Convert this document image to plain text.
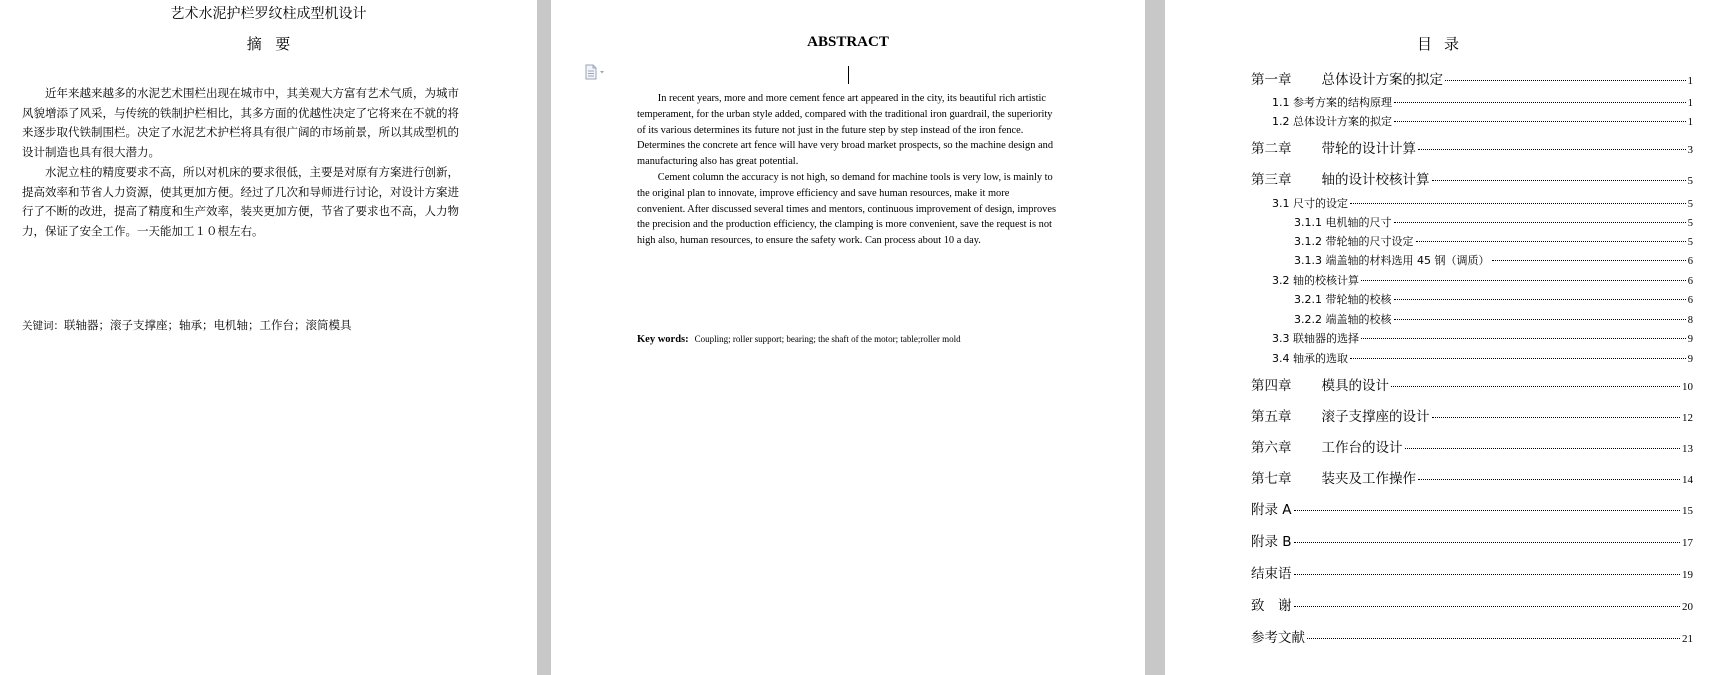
艺术水泥护栏罗纹柱成型机设计
摘要

近年来越来越多的水泥艺术围栏出现在城市中，其美观大方富有艺术气质，为城市风貌增添了风采，与传统的铁制护栏相比，其多方面的优越性决定了它将来在不就的将来逐步取代铁制围栏。决定了水泥艺术护栏将具有很广阔的市场前景，所以其成型机的设计制造也具有很大潜力。

水泥立柱的精度要求不高，所以对机床的要求很低，主要是对原有方案进行创新，提高效率和节省人力资源，使其更加方便。经过了几次和导师进行讨论，对设计方案进行了不断的改进，提高了精度和生产效率，装夹更加方便，节省了要求也不高，人力物力，保证了安全工作。一天能加工１０根左右。

关键词：联轴器；滚子支撑座；轴承；电机轴；工作台；滚筒模具
ABSTRACT

In recent years, more and more cement fence art appeared in the city, its beautiful rich artistic temperament, for the urban style added, compared with the traditional iron guardrail, the superiority of its various determines its future not just in the future step by step instead of the iron fence. Determines the concrete art fence will have very broad market prospects, so the machine design and manufacturing also has great potential.

Cement column the accuracy is not high, so demand for machine tools is very low, is mainly to the original plan to innovate, improve efficiency and save human resources, make it more convenient. After discussed several times and mentors, continuous improvement of design, improves the precision and the production efficiency, the clamping is more convenient, save the request is not high also, human resources, to ensure the safety work. Can process about 10 a day.

Key words: Coupling; roller support; bearing; the shaft of the motor; table;roller mold
目录
第一章 总体设计方案的拟定	1
1.1 参考方案的结构原理	1
1.2 总体设计方案的拟定	1
第二章 带轮的设计计算	3
第三章 轴的设计校核计算	5
3.1 尺寸的设定	5
3.1.1 电机轴的尺寸	5
3.1.2 带轮轴的尺寸设定	5
3.1.3 端盖轴的材料选用 45 钢（调质）	6
3.2 轴的校核计算	6
3.2.1 带轮轴的校核	6
3.2.2 端盖轴的校核	8
3.3 联轴器的选择	9
3.4 轴承的选取	9
第四章 模具的设计	10
第五章 滚子支撑座的设计	12
第六章 工作台的设计	13
第七章 装夹及工作操作	14
附录 A	15
附录 B	17
结束语	19
致　谢	20
参考文献	21
